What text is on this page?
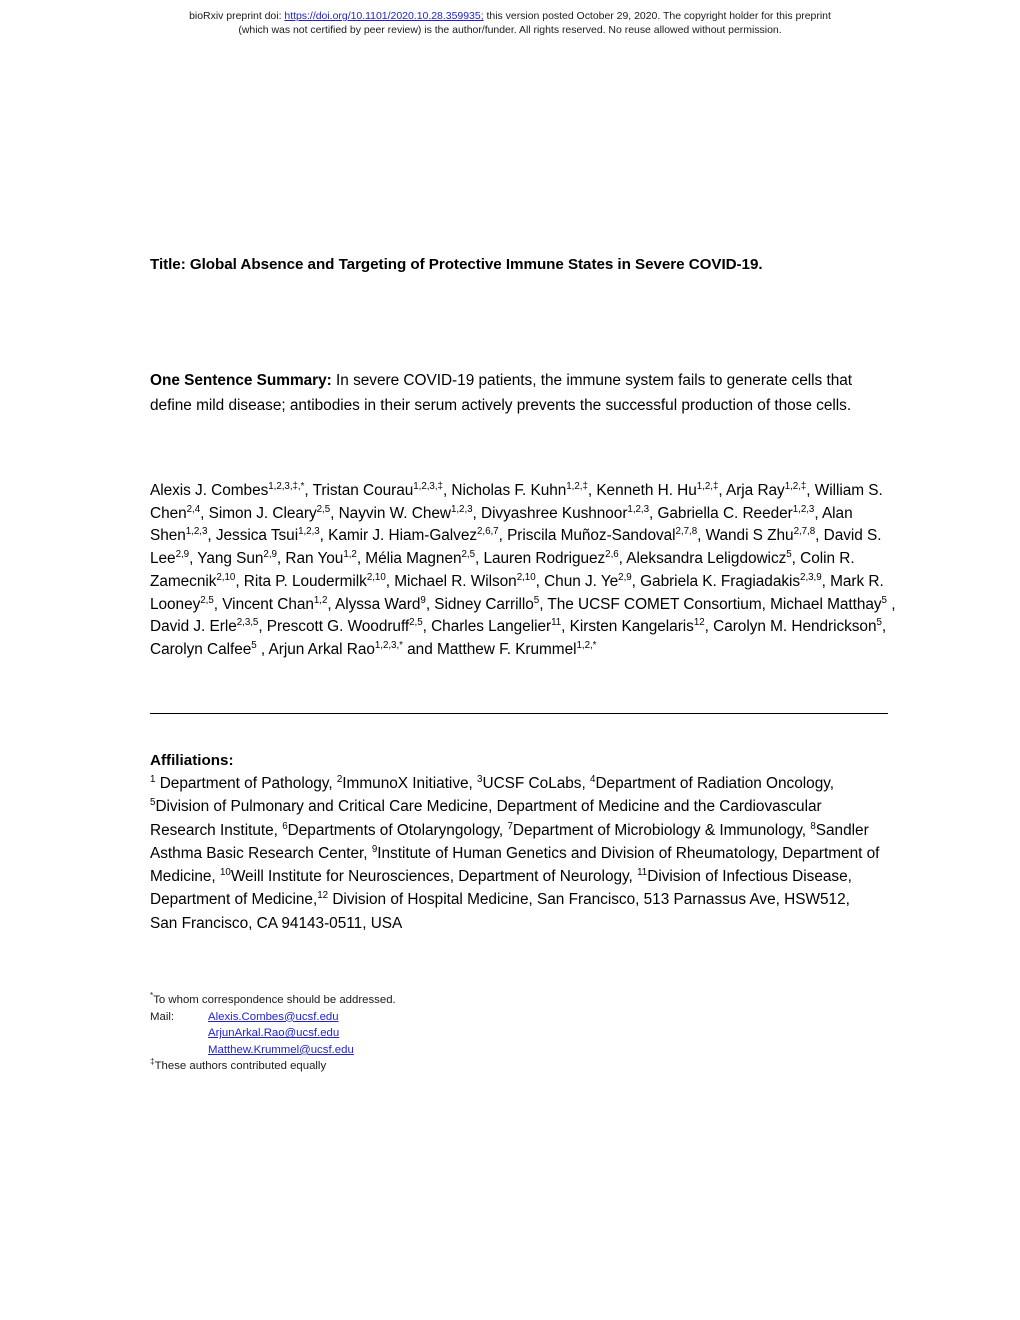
bioRxiv preprint doi: https://doi.org/10.1101/2020.10.28.359935; this version posted October 29, 2020. The copyright holder for this preprint
(which was not certified by peer review) is the author/funder. All rights reserved. No reuse allowed without permission.
Title: Global Absence and Targeting of Protective Immune States in Severe COVID-19.
One Sentence Summary: In severe COVID-19 patients, the immune system fails to generate cells that define mild disease; antibodies in their serum actively prevents the successful production of those cells.
Alexis J. Combes$^{1,2,3,\ddagger,*}$, Tristan Courau$^{1,2,3,\ddagger}$, Nicholas F. Kuhn$^{1,2,\ddagger}$, Kenneth H. $Hu^{1,2,\ddagger}$, Arja Ray$^{1,2,\ddagger}$, William S. Chen$^{2,4}$, Simon J. Cleary$^{2,5}$, Nayvin W. Chew$^{1,2,3}$, Divyashree Kushnoor$^{1,2,3}$, Gabriella C. Reeder$^{1,2,3}$, Alan Shen$^{1,2,3}$, Jessica Tsui$^{1,2,3}$, Kamir J. Hiam-Galvez$^{2,6,7}$, Priscila Muñoz-Sandoval$^{2,7,8}$, Wandi S Zhu$^{2,7,8}$, David S. Lee$^{2,9}$, Yang Sun$^{2,9}$, Ran You$^{1,2}$, Mélia Magnen$^{2,5}$, Lauren Rodriguez$^{2,6}$, Aleksandra Leligdowicz$^5$, Colin R. Zamecnik$^{2,10}$, Rita P. Loudermilk$^{2,10}$, Michael R. Wilson$^{2,10}$, Chun J. Ye$^{2,9}$, Gabriela K. Fragiadakis$^{2,3,9}$, Mark R. Looney$^{2,5}$, Vincent Chan$^{1,2}$, Alyssa Ward$^9$, Sidney Carrillo$^5$, The UCSF COMET Consortium, Michael Matthay$^5$ , David J. Erle$^{2,3,5}$, Prescott G. Woodruff$^{2,5}$, Charles Langelier$^{11}$, Kirsten Kangelaris$^{12}$, Carolyn M. Hendrickson$^5$, Carolyn Calfee$^5$ , Arjun Arkal Rao$^{1,2,3,*}$ and Matthew F. Krummel$^{1,2,*}$
Affiliations:
$^1$ Department of Pathology, $^2$ImmunoX Initiative, $^3$UCSF CoLabs, $^4$Department of Radiation Oncology, $^5$Division of Pulmonary and Critical Care Medicine, Department of Medicine and the Cardiovascular Research Institute, $^6$Departments of Otolaryngology, $^7$Department of Microbiology & Immunology, $^8$Sandler Asthma Basic Research Center, $^9$Institute of Human Genetics and Division of Rheumatology, Department of Medicine, $^{10}$Weill Institute for Neurosciences, Department of Neurology, $^{11}$Division of Infectious Disease, Department of Medicine,$^{12}$ Division of Hospital Medicine, San Francisco, 513 Parnassus Ave, HSW512, San Francisco, CA 94143-0511, USA
*To whom correspondence should be addressed.
Mail:	Alexis.Combes@ucsf.edu
ArjunArkal.Rao@ucsf.edu
Matthew.Krummel@ucsf.edu
‡These authors contributed equally
